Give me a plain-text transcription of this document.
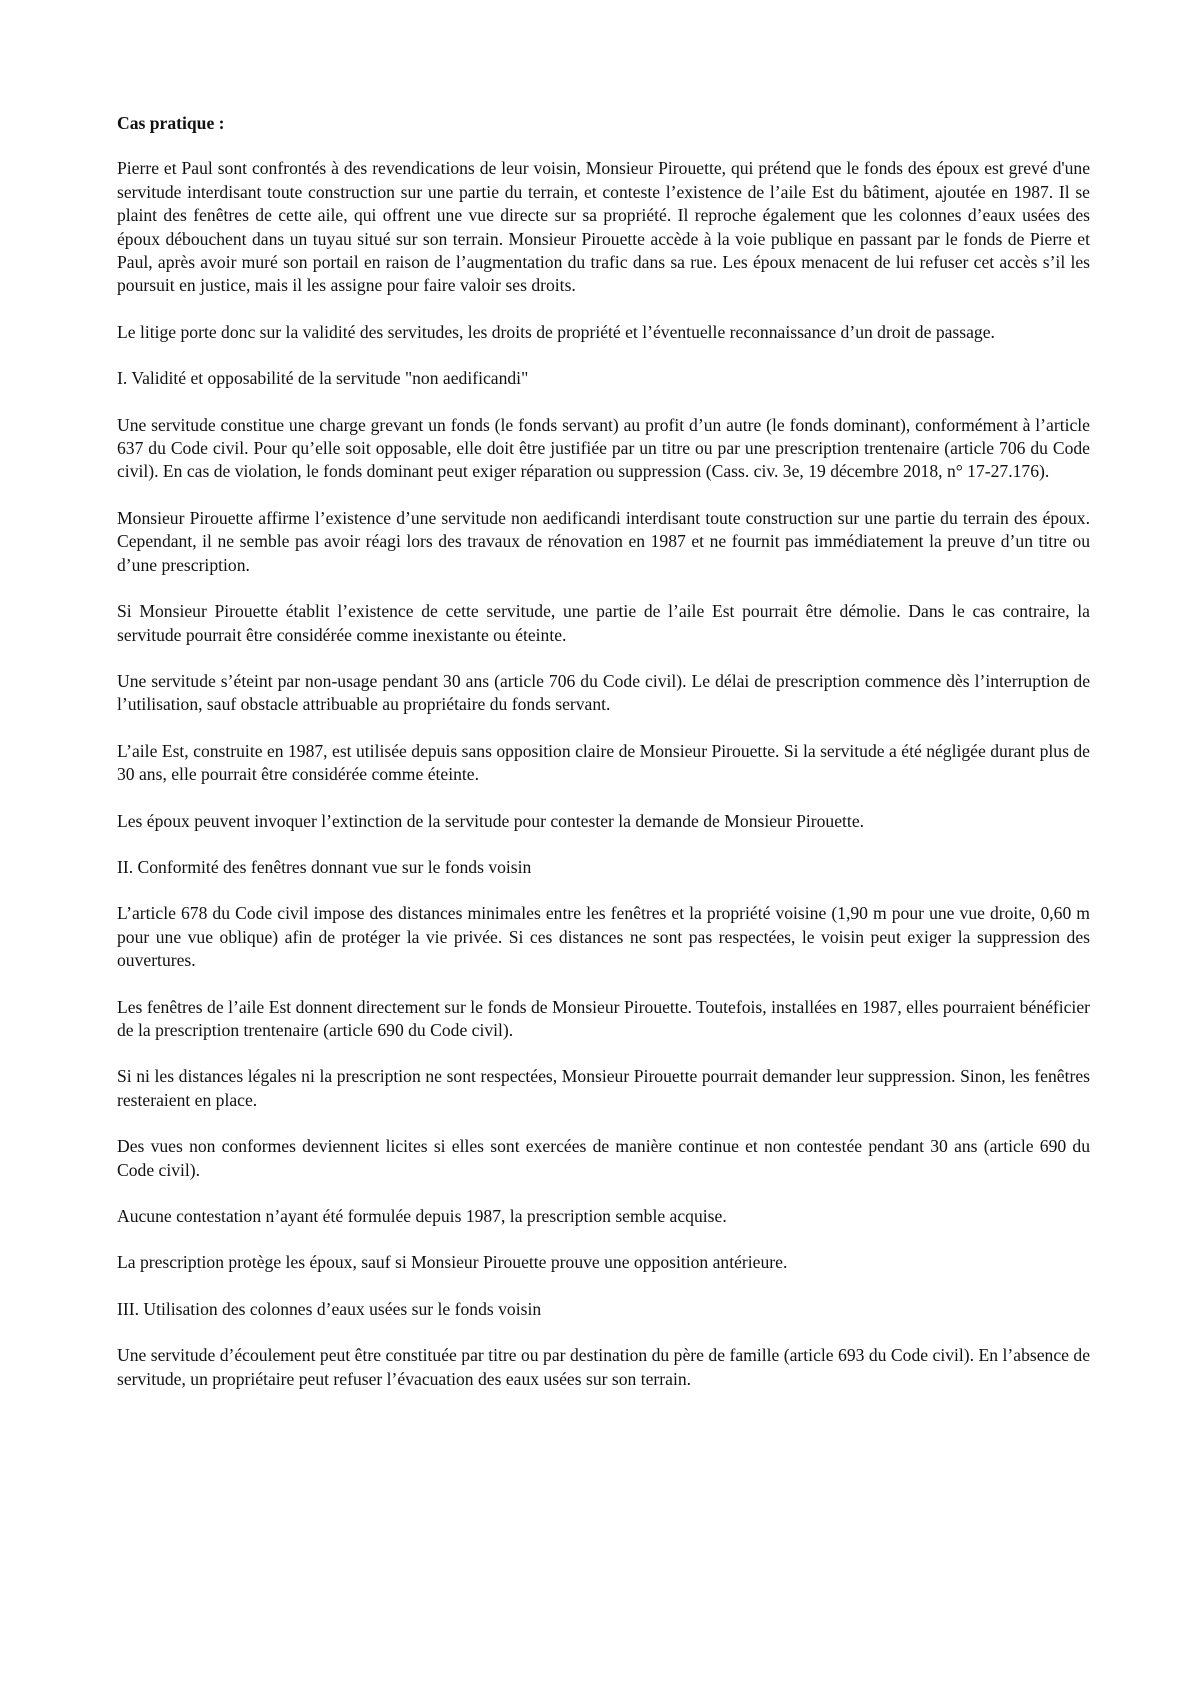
Cas pratique :

Pierre et Paul sont confrontés à des revendications de leur voisin, Monsieur Pirouette, qui prétend que le fonds des époux est grevé d'une servitude interdisant toute construction sur une partie du terrain, et conteste l’existence de l’aile Est du bâtiment, ajoutée en 1987. Il se plaint des fenêtres de cette aile, qui offrent une vue directe sur sa propriété. Il reproche également que les colonnes d’eaux usées des époux débouchent dans un tuyau situé sur son terrain. Monsieur Pirouette accède à la voie publique en passant par le fonds de Pierre et Paul, après avoir muré son portail en raison de l’augmentation du trafic dans sa rue. Les époux menacent de lui refuser cet accès s’il les poursuit en justice, mais il les assigne pour faire valoir ses droits.

Le litige porte donc sur la validité des servitudes, les droits de propriété et l’éventuelle reconnaissance d’un droit de passage.

I. Validité et opposabilité de la servitude "non aedificandi"

Une servitude constitue une charge grevant un fonds (le fonds servant) au profit d’un autre (le fonds dominant), conformément à l’article 637 du Code civil. Pour qu’elle soit opposable, elle doit être justifiée par un titre ou par une prescription trentenaire (article 706 du Code civil). En cas de violation, le fonds dominant peut exiger réparation ou suppression (Cass. civ. 3e, 19 décembre 2018, n° 17-27.176).

Monsieur Pirouette affirme l’existence d’une servitude non aedificandi interdisant toute construction sur une partie du terrain des époux. Cependant, il ne semble pas avoir réagi lors des travaux de rénovation en 1987 et ne fournit pas immédiatement la preuve d’un titre ou d’une prescription.

Si Monsieur Pirouette établit l’existence de cette servitude, une partie de l’aile Est pourrait être démolie. Dans le cas contraire, la servitude pourrait être considérée comme inexistante ou éteinte.

Une servitude s’éteint par non-usage pendant 30 ans (article 706 du Code civil). Le délai de prescription commence dès l’interruption de l’utilisation, sauf obstacle attribuable au propriétaire du fonds servant.

L’aile Est, construite en 1987, est utilisée depuis sans opposition claire de Monsieur Pirouette. Si la servitude a été négligée durant plus de 30 ans, elle pourrait être considérée comme éteinte.

Les époux peuvent invoquer l’extinction de la servitude pour contester la demande de Monsieur Pirouette.

II. Conformité des fenêtres donnant vue sur le fonds voisin

L’article 678 du Code civil impose des distances minimales entre les fenêtres et la propriété voisine (1,90 m pour une vue droite, 0,60 m pour une vue oblique) afin de protéger la vie privée. Si ces distances ne sont pas respectées, le voisin peut exiger la suppression des ouvertures.

Les fenêtres de l’aile Est donnent directement sur le fonds de Monsieur Pirouette. Toutefois, installées en 1987, elles pourraient bénéficier de la prescription trentenaire (article 690 du Code civil).

Si ni les distances légales ni la prescription ne sont respectées, Monsieur Pirouette pourrait demander leur suppression. Sinon, les fenêtres resteraient en place.

Des vues non conformes deviennent licites si elles sont exercées de manière continue et non contestée pendant 30 ans (article 690 du Code civil).

Aucune contestation n’ayant été formulée depuis 1987, la prescription semble acquise.

La prescription protège les époux, sauf si Monsieur Pirouette prouve une opposition antérieure.

III. Utilisation des colonnes d’eaux usées sur le fonds voisin

Une servitude d’écoulement peut être constituée par titre ou par destination du père de famille (article 693 du Code civil). En l’absence de servitude, un propriétaire peut refuser l’évacuation des eaux usées sur son terrain.
